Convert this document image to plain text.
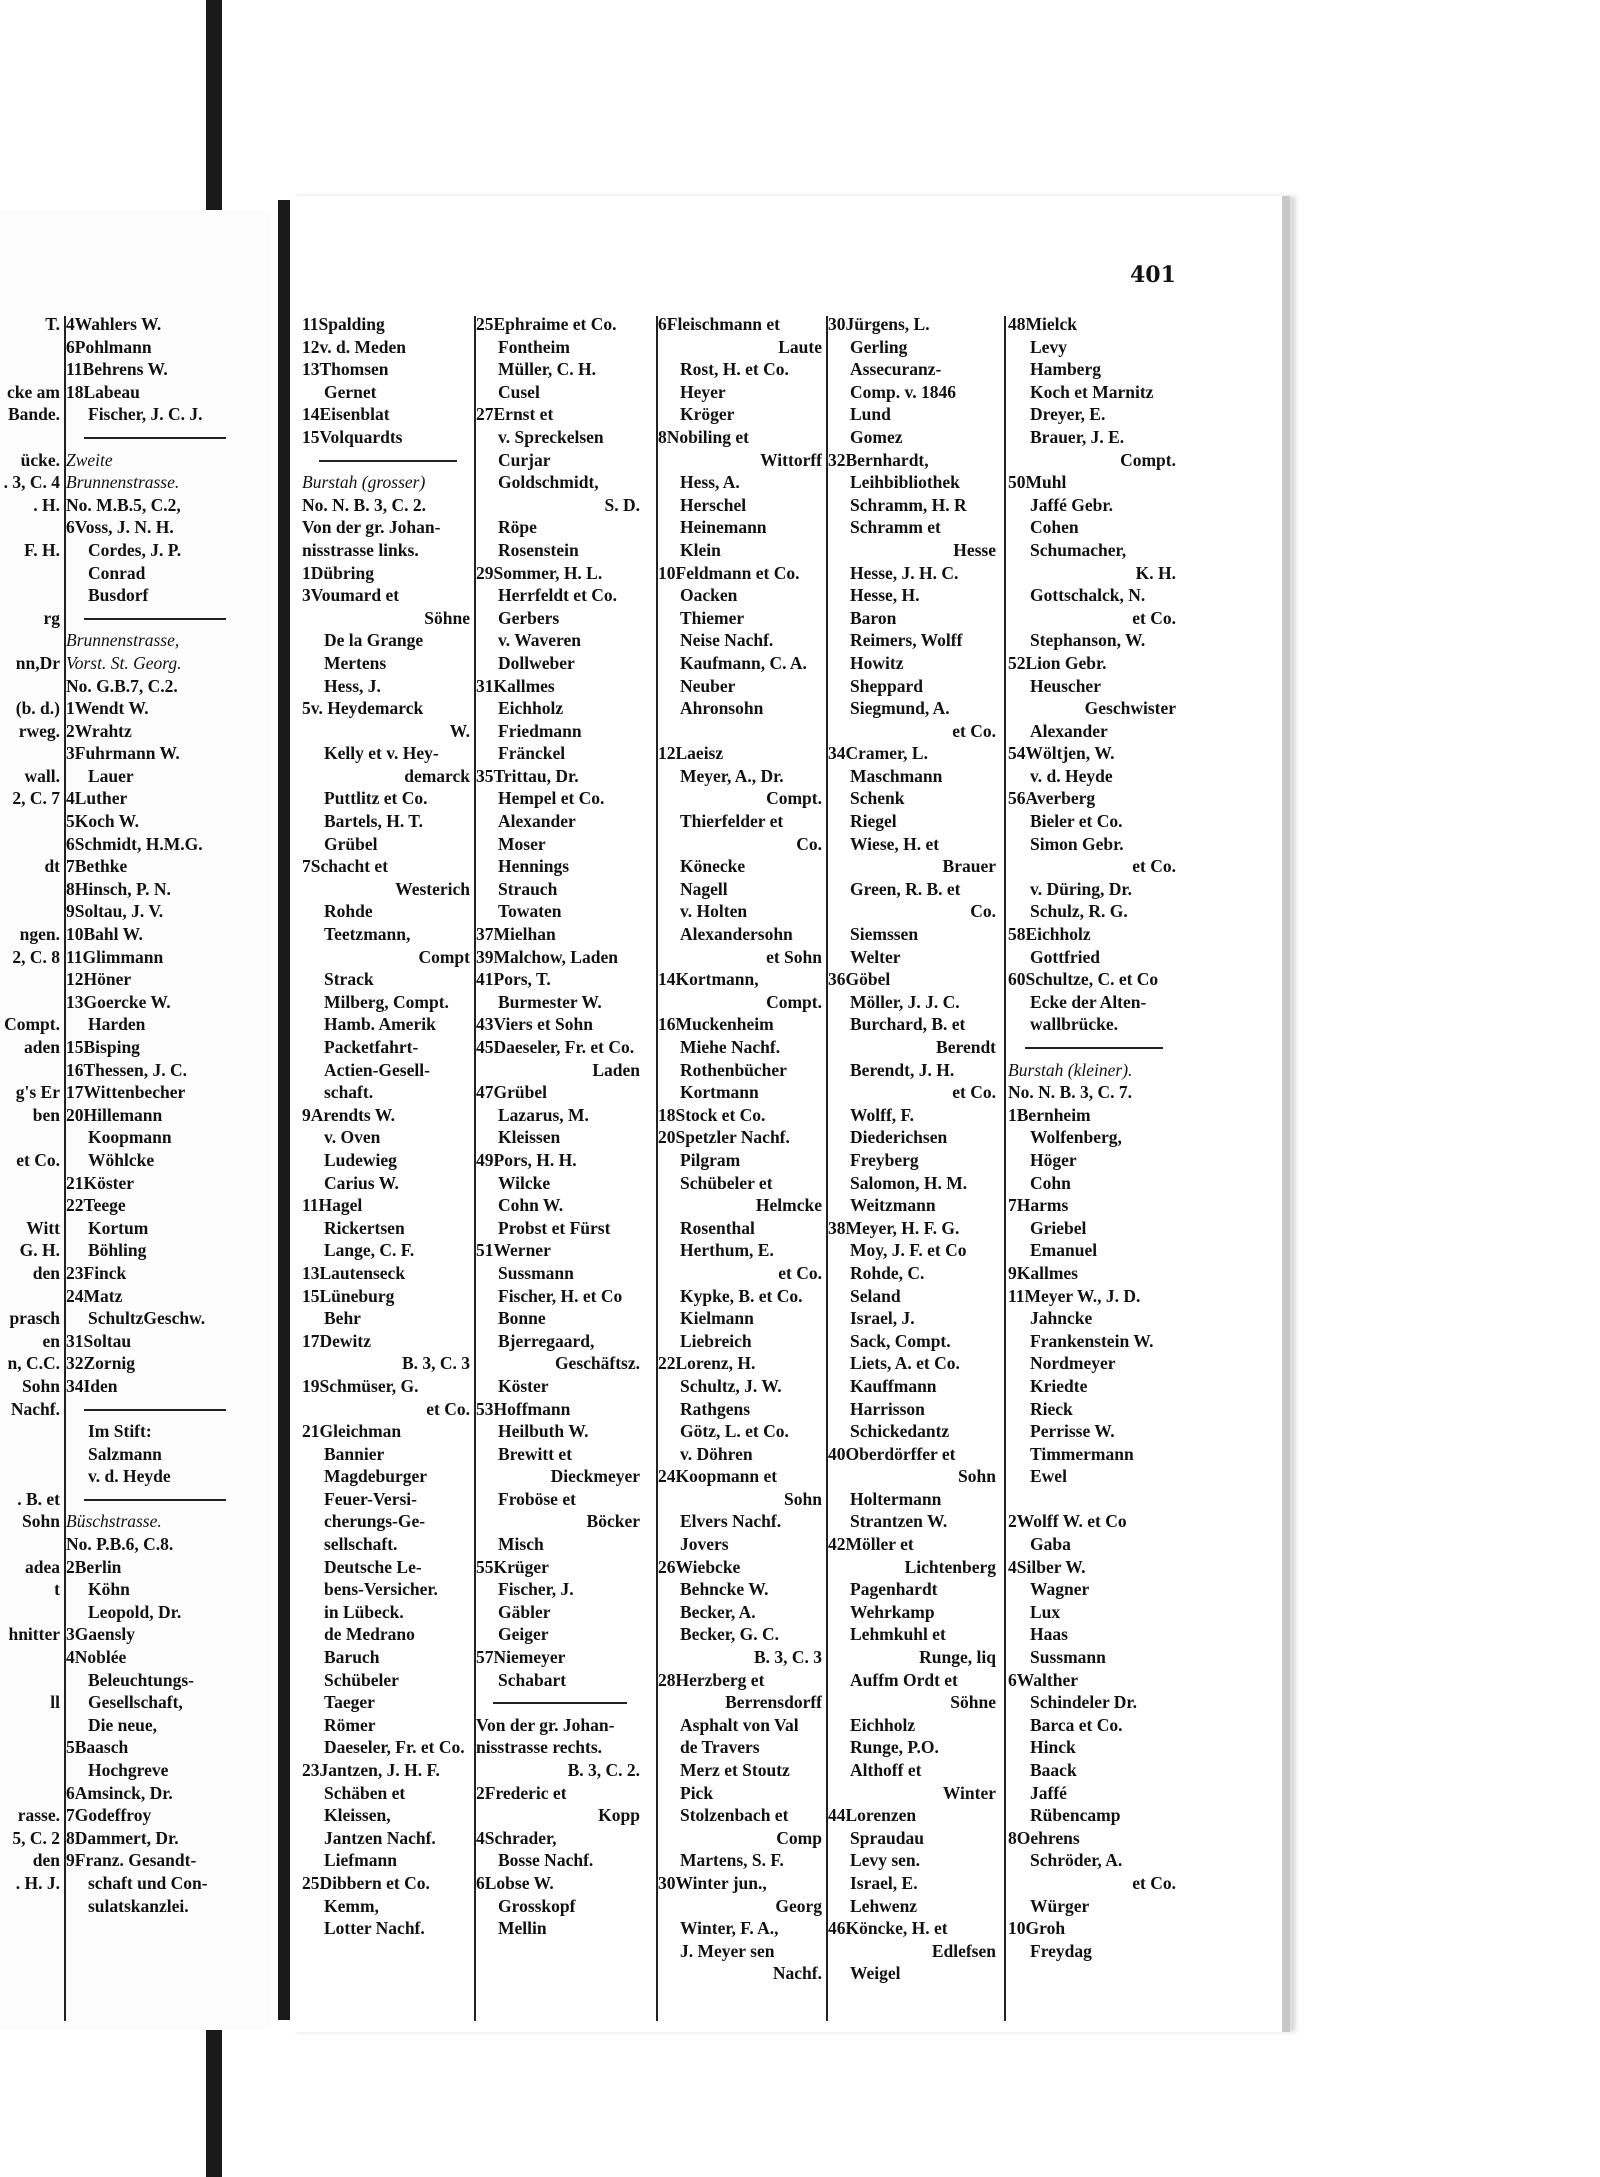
401
T.
cke am
Bande.
ücke.
. 3, C. 4
. H.
F. H.
rg
nn,Dr
(b. d.)
rweg.
wall.
2, C. 7
dt
ngen.
2, C. 8
Compt.
aden
g's Er
ben
et Co.
Witt
G. H.
den
prasch
en
n, C.C.
Sohn
Nachf.
. B. et
Sohn
adea
t
hnitter
ll
rasse.
5, C. 2
den
. H. J.
4Wahlers W.
6Pohlmann
11Behrens W.
18Labeau
Fischer, J. C. J.
Zweite
Brunnenstrasse.
No. M.B.5, C.2,
6Voss, J. N. H.
Cordes, J. P.
Conrad
Busdorf
Brunnenstrasse,
Vorst. St. Georg.
No. G.B.7, C.2.
1Wendt W.
2Wrahtz
3Fuhrmann W.
Lauer
4Luther
5Koch W.
6Schmidt, H.M.G.
7Bethke
8Hinsch, P. N.
9Soltau, J. V.
10Bahl W.
11Glimmann
12Höner
13Goercke W.
Harden
15Bisping
16Thessen, J. C.
17Wittenbecher
20Hillemann
Koopmann
Wöhlcke
21Köster
22Teege
Kortum
Böhling
23Finck
24Matz
SchultzGeschw.
31Soltau
32Zornig
34Iden
Im Stift:
Salzmann
v. d. Heyde
Büschstrasse.
No. P.B.6, C.8.
2Berlin
Köhn
Leopold, Dr.
3Gaensly
4Noblée
Beleuchtungs-
Gesellschaft,
Die neue,
5Baasch
Hochgreve
6Amsinck, Dr.
7Godeffroy
8Dammert, Dr.
9Franz. Gesandt-
schaft und Con-
sulatskanzlei.
11Spalding
12v. d. Meden
13Thomsen
Gernet
14Eisenblat
15Volquardts
Burstah (grosser)
No. N. B. 3, C. 2.
Von der gr. Johan-
nisstrasse links.
1Dübring
3Voumard et
Söhne
De la Grange
Mertens
Hess, J.
5v. Heydemarck
W.
Kelly et v. Hey-
demarck
Puttlitz et Co.
Bartels, H. T.
Grübel
7Schacht et
Westerich
Rohde
Teetzmann,
Compt
Strack
Milberg, Compt.
Hamb. Amerik
Packetfahrt-
Actien-Gesell-
schaft.
9Arendts W.
v. Oven
Ludewieg
Carius W.
11Hagel
Rickertsen
Lange, C. F.
13Lautenseck
15Lüneburg
Behr
17Dewitz
B. 3, C. 3
19Schmüser, G.
et Co.
21Gleichman
Bannier
Magdeburger
Feuer-Versi-
cherungs-Ge-
sellschaft.
Deutsche Le-
bens-Versicher.
in Lübeck.
de Medrano
Baruch
Schübeler
Taeger
Römer
Daeseler, Fr. et Co.
23Jantzen, J. H. F.
Schäben et
Kleissen,
Jantzen Nachf.
Liefmann
25Dibbern et Co.
Kemm,
Lotter Nachf.
25Ephraime et Co.
Fontheim
Müller, C. H.
Cusel
27Ernst et
v. Spreckelsen
Curjar
Goldschmidt,
S. D.
Röpe
Rosenstein
29Sommer, H. L.
Herrfeldt et Co.
Gerbers
v. Waveren
Dollweber
31Kallmes
Eichholz
Friedmann
Fränckel
35Trittau, Dr.
Hempel et Co.
Alexander
Moser
Hennings
Strauch
Towaten
37Mielhan
39Malchow, Laden
41Pors, T.
Burmester W.
43Viers et Sohn
45Daeseler, Fr. et Co.
Laden
47Grübel
Lazarus, M.
Kleissen
49Pors, H. H.
Wilcke
Cohn W.
Probst et Fürst
51Werner
Sussmann
Fischer, H. et Co
Bonne
Bjerregaard,
Geschäftsz.
Köster
53Hoffmann
Heilbuth W.
Brewitt et
Dieckmeyer
Froböse et
Böcker
Misch
55Krüger
Fischer, J.
Gäbler
Geiger
57Niemeyer
Schabart
Von der gr. Johan-
nisstrasse rechts.
B. 3, C. 2.
2Frederic et
Kopp
4Schrader,
Bosse Nachf.
6Lobse W.
Grosskopf
Mellin
6Fleischmann et
Laute
Rost, H. et Co.
Heyer
Kröger
8Nobiling et
Wittorff
Hess, A.
Herschel
Heinemann
Klein
10Feldmann et Co.
Oacken
Thiemer
Neise Nachf.
Kaufmann, C. A.
Neuber
Ahronsohn
12Laeisz
Meyer, A., Dr.
Compt.
Thierfelder et
Co.
Könecke
Nagell
v. Holten
Alexandersohn
et Sohn
14Kortmann,
Compt.
16Muckenheim
Miehe Nachf.
Rothenbücher
Kortmann
18Stock et Co.
20Spetzler Nachf.
Pilgram
Schübeler et
Helmcke
Rosenthal
Herthum, E.
et Co.
Kypke, B. et Co.
Kielmann
Liebreich
22Lorenz, H.
Schultz, J. W.
Rathgens
Götz, L. et Co.
v. Döhren
24Koopmann et
Sohn
Elvers Nachf.
Jovers
26Wiebcke
Behncke W.
Becker, A.
Becker, G. C.
B. 3, C. 3
28Herzberg et
Berrensdorff
Asphalt von Val
de Travers
Merz et Stoutz
Pick
Stolzenbach et
Comp
Martens, S. F.
30Winter jun.,
Georg
Winter, F. A.,
J. Meyer sen
Nachf.
30Jürgens, L.
Gerling
Assecuranz-
Comp. v. 1846
Lund
Gomez
32Bernhardt,
Leihbibliothek
Schramm, H. R
Schramm et
Hesse
Hesse, J. H. C.
Hesse, H.
Baron
Reimers, Wolff
Howitz
Sheppard
Siegmund, A.
et Co.
34Cramer, L.
Maschmann
Schenk
Riegel
Wiese, H. et
Brauer
Green, R. B. et
Co.
Siemssen
Welter
36Göbel
Möller, J. J. C.
Burchard, B. et
Berendt
Berendt, J. H.
et Co.
Wolff, F.
Diederichsen
Freyberg
Salomon, H. M.
Weitzmann
38Meyer, H. F. G.
Moy, J. F. et Co
Rohde, C.
Seland
Israel, J.
Sack, Compt.
Liets, A. et Co.
Kauffmann
Harrisson
Schickedantz
40Oberdörffer et
Sohn
Holtermann
Strantzen W.
42Möller et
Lichtenberg
Pagenhardt
Wehrkamp
Lehmkuhl et
Runge, liq
Auffm Ordt et
Söhne
Eichholz
Runge, P.O.
Althoff et
Winter
44Lorenzen
Spraudau
Levy sen.
Israel, E.
Lehwenz
46Köncke, H. et
Edlefsen
Weigel
48Mielck
Levy
Hamberg
Koch et Marnitz
Dreyer, E.
Brauer, J. E.
Compt.
50Muhl
Jaffé Gebr.
Cohen
Schumacher,
K. H.
Gottschalck, N.
et Co.
Stephanson, W.
52Lion Gebr.
Heuscher
Geschwister
Alexander
54Wöltjen, W.
v. d. Heyde
56Averberg
Bieler et Co.
Simon Gebr.
et Co.
v. Düring, Dr.
Schulz, R. G.
58Eichholz
Gottfried
60Schultze, C. et Co
Ecke der Alten-
wallbrücke.
Burstah (kleiner).
No. N. B. 3, C. 7.
1Bernheim
Wolfenberg,
Höger
Cohn
7Harms
Griebel
Emanuel
9Kallmes
11Meyer W., J. D.
Jahncke
Frankenstein W.
Nordmeyer
Kriedte
Rieck
Perrisse W.
Timmermann
Ewel
2Wolff W. et Co
Gaba
4Silber W.
Wagner
Lux
Haas
Sussmann
6Walther
Schindeler Dr.
Barca et Co.
Hinck
Baack
Jaffé
Rübencamp
8Oehrens
Schröder, A.
et Co.
Würger
10Groh
Freydag
